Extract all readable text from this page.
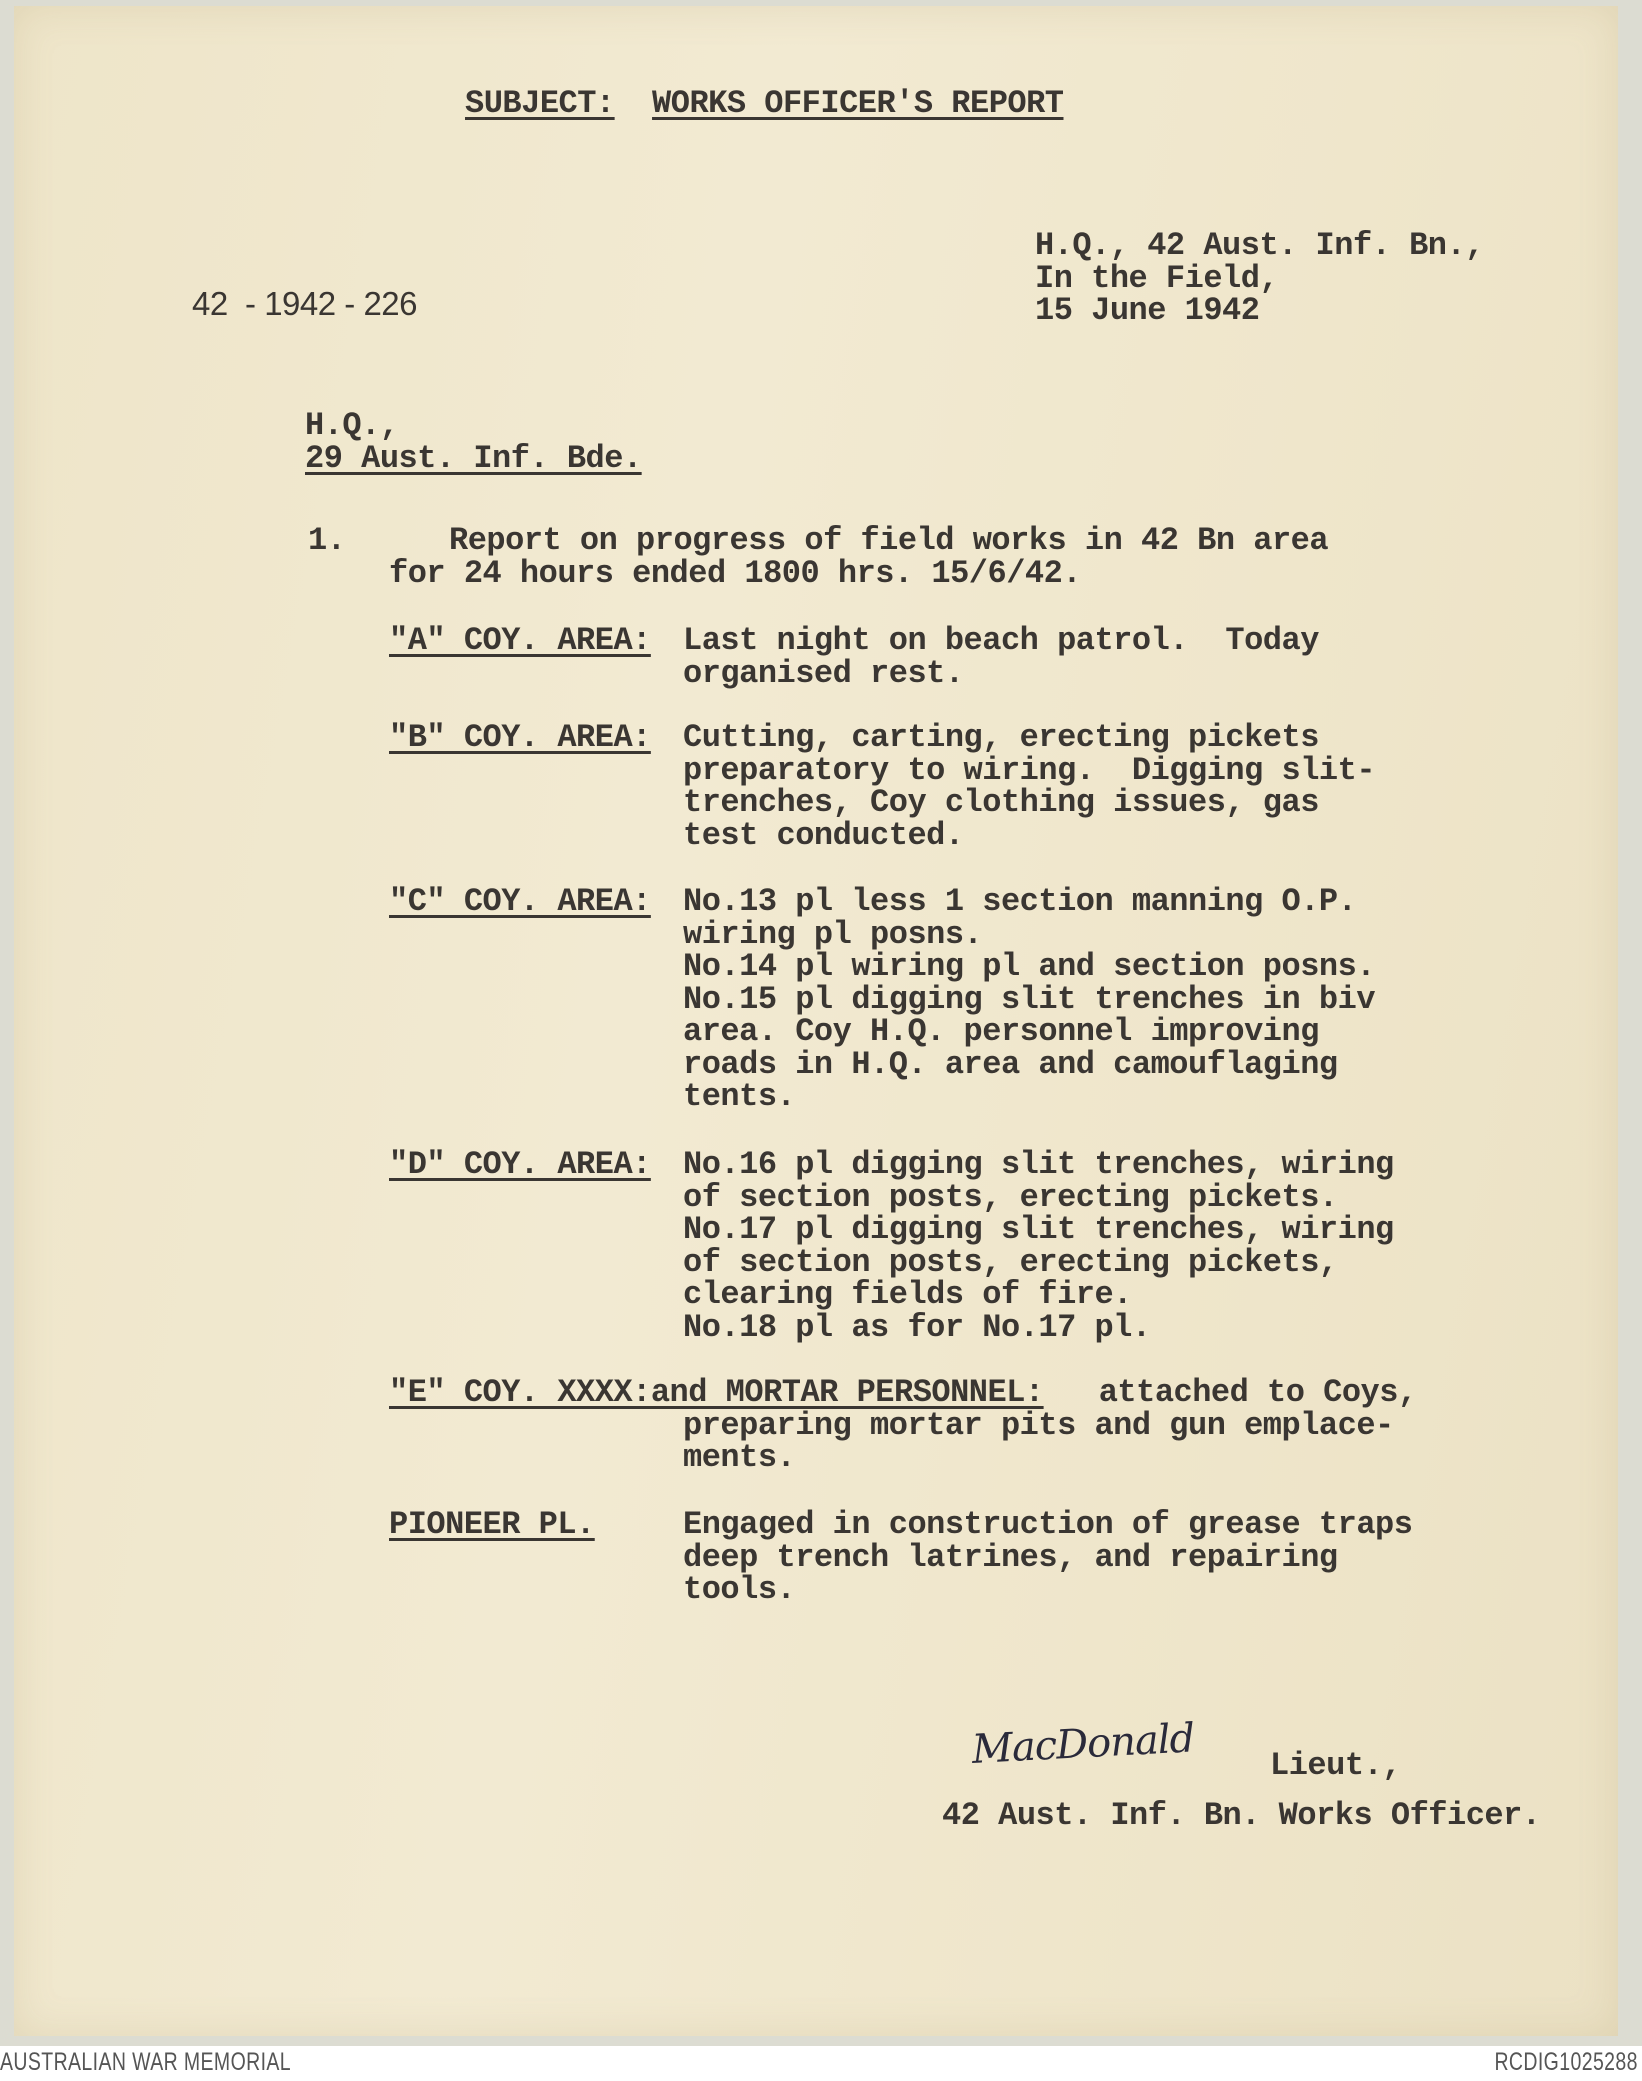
SUBJECT: WORKS OFFICER'S REPORT
42  - 1942 - 226
H.Q., 42 Aust. Inf. Bn.,
In the Field,
15 June 1942
H.Q.,
29 Aust. Inf. Bde.
1.	Report on progress of field works in 42 Bn area
for 24 hours ended 1800 hrs. 15/6/42.
"A" COY. AREA: Last night on beach patrol.  Today
organised rest.
"B" COY. AREA: Cutting, carting, erecting pickets
preparatory to wiring.  Digging slit-
trenches, Coy clothing issues, gas
test conducted.
"C" COY. AREA: No.13 pl less 1 section manning O.P.
wiring pl posns.
No.14 pl wiring pl and section posns.
No.15 pl digging slit trenches in biv
area. Coy H.Q. personnel improving
roads in H.Q. area and camouflaging
tents.
"D" COY. AREA: No.16 pl digging slit trenches, wiring
of section posts, erecting pickets.
No.17 pl digging slit trenches, wiring
of section posts, erecting pickets,
clearing fields of fire.
No.18 pl as for No.17 pl.
"E" COY. XXXX:and MORTAR PERSONNEL: attached to Coys,
preparing mortar pits and gun emplace-
ments.
PIONEER PL.	Engaged in construction of grease traps
deep trench latrines, and repairing
tools.
MacDonald Lieut.,
42 Aust. Inf. Bn. Works Officer.
AUSTRALIAN WAR MEMORIAL	RCDIG1025288
